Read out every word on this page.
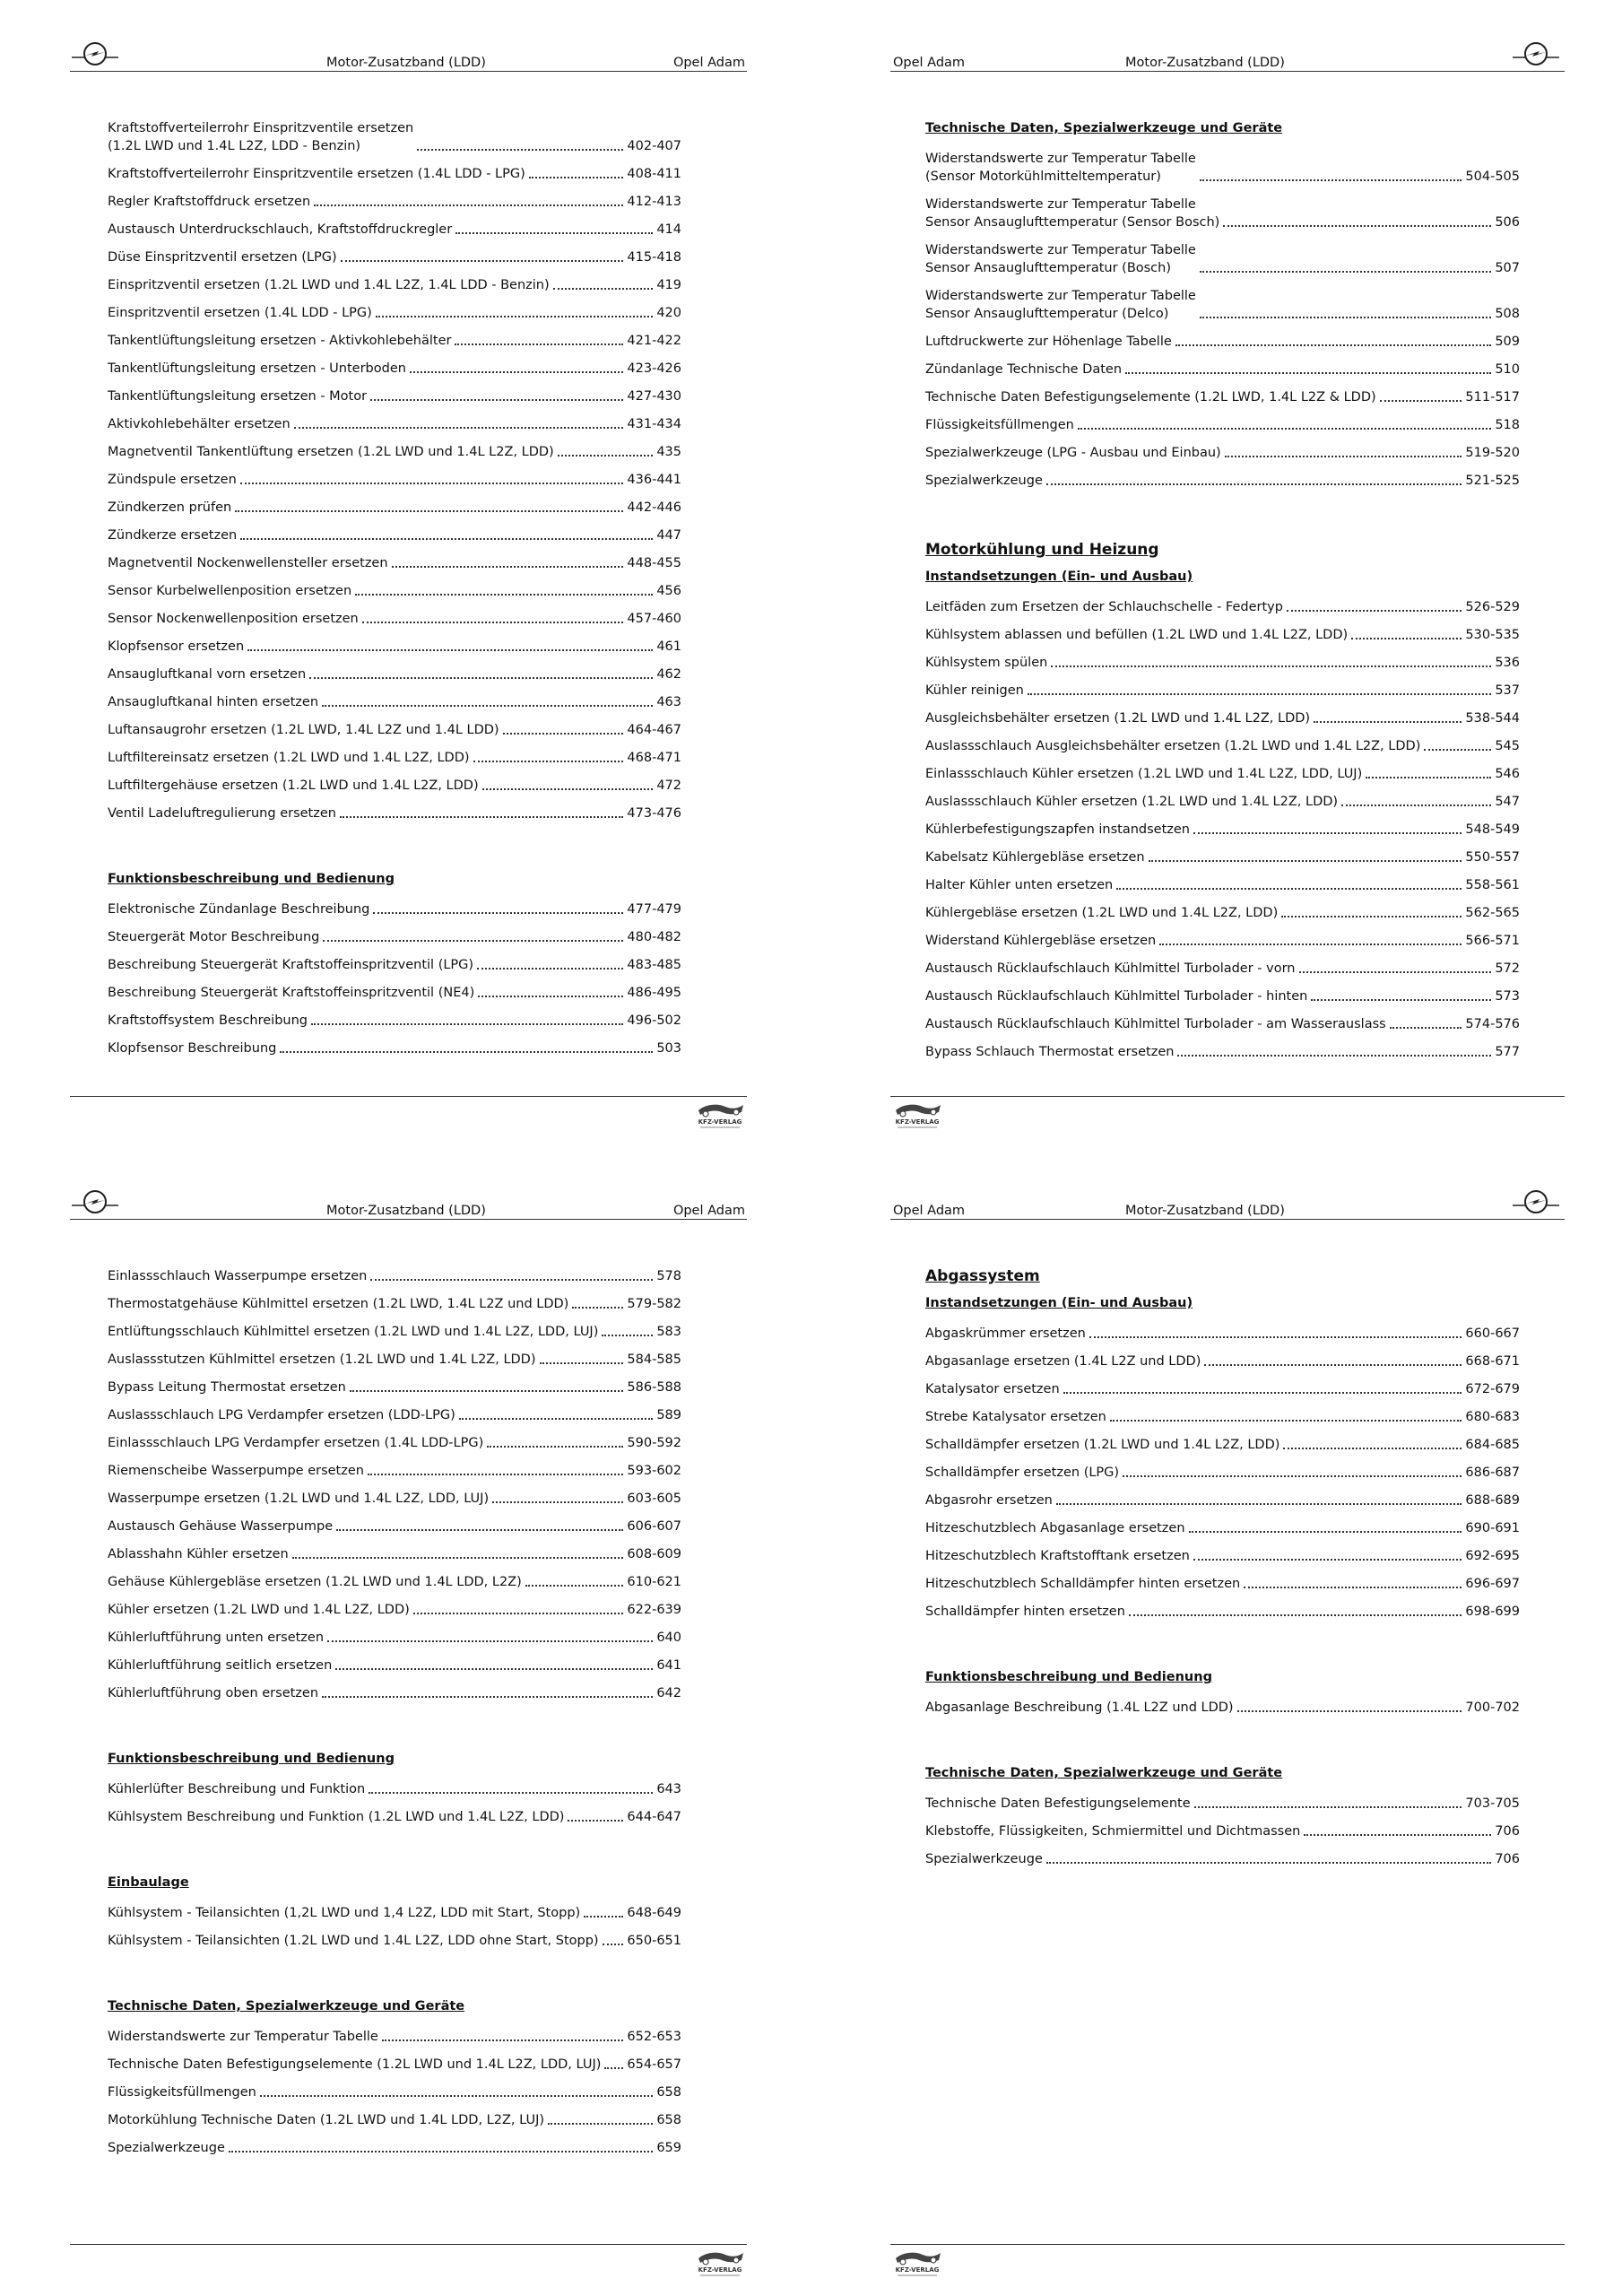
Motor-Zusatzband (LDD)	Opel Adam
Kraftstoffverteilerrohr Einspritzventile ersetzen
(1.2L LWD und 1.4L L2Z, LDD - Benzin)	402-407
Kraftstoffverteilerrohr Einspritzventile ersetzen (1.4L LDD - LPG)	408-411
Regler Kraftstoffdruck ersetzen	412-413
Austausch Unterdruckschlauch, Kraftstoffdruckregler	414
Düse Einspritzventil ersetzen (LPG)	415-418
Einspritzventil ersetzen (1.2L LWD und 1.4L L2Z, 1.4L LDD - Benzin)	419
Einspritzventil ersetzen (1.4L LDD - LPG)	420
Tankentlüftungsleitung ersetzen - Aktivkohlebehälter	421-422
Tankentlüftungsleitung ersetzen - Unterboden	423-426
Tankentlüftungsleitung ersetzen - Motor	427-430
Aktivkohlebehälter ersetzen	431-434
Magnetventil Tankentlüftung ersetzen (1.2L LWD und 1.4L L2Z, LDD)	435
Zündspule ersetzen	436-441
Zündkerzen prüfen	442-446
Zündkerze ersetzen	447
Magnetventil Nockenwellensteller ersetzen	448-455
Sensor Kurbelwellenposition ersetzen	456
Sensor Nockenwellenposition ersetzen	457-460
Klopfsensor ersetzen	461
Ansaugluftkanal vorn ersetzen	462
Ansaugluftkanal hinten ersetzen	463
Luftansaugrohr ersetzen (1.2L LWD, 1.4L L2Z und 1.4L LDD)	464-467
Luftfiltereinsatz ersetzen (1.2L LWD und 1.4L L2Z, LDD)	468-471
Luftfiltergehäuse ersetzen (1.2L LWD und 1.4L L2Z, LDD)	472
Ventil Ladeluftregulierung ersetzen	473-476
Funktionsbeschreibung und Bedienung
Elektronische Zündanlage Beschreibung	477-479
Steuergerät Motor Beschreibung	480-482
Beschreibung Steuergerät Kraftstoffeinspritzventil (LPG)	483-485
Beschreibung Steuergerät Kraftstoffeinspritzventil (NE4)	486-495
Kraftstoffsystem Beschreibung	496-502
Klopfsensor Beschreibung	503
KFZ-VERLAG
Opel Adam	Motor-Zusatzband (LDD)
Technische Daten, Spezialwerkzeuge und Geräte
Widerstandswerte zur Temperatur Tabelle
(Sensor Motorkühlmitteltemperatur)	504-505
Widerstandswerte zur Temperatur Tabelle
Sensor Ansauglufttemperatur (Sensor Bosch)	506
Widerstandswerte zur Temperatur Tabelle
Sensor Ansauglufttemperatur (Bosch)	507
Widerstandswerte zur Temperatur Tabelle
Sensor Ansauglufttemperatur (Delco)	508
Luftdruckwerte zur Höhenlage Tabelle	509
Zündanlage Technische Daten	510
Technische Daten Befestigungselemente (1.2L LWD, 1.4L L2Z & LDD)	511-517
Flüssigkeitsfüllmengen	518
Spezialwerkzeuge (LPG - Ausbau und Einbau)	519-520
Spezialwerkzeuge	521-525
Motorkühlung und Heizung
Instandsetzungen (Ein- und Ausbau)
Leitfäden zum Ersetzen der Schlauchschelle - Federtyp	526-529
Kühlsystem ablassen und befüllen (1.2L LWD und 1.4L L2Z, LDD)	530-535
Kühlsystem spülen	536
Kühler reinigen	537
Ausgleichsbehälter ersetzen (1.2L LWD und 1.4L L2Z, LDD)	538-544
Auslassschlauch Ausgleichsbehälter ersetzen (1.2L LWD und 1.4L L2Z, LDD)	545
Einlassschlauch Kühler ersetzen (1.2L LWD und 1.4L L2Z, LDD, LUJ)	546
Auslassschlauch Kühler ersetzen (1.2L LWD und 1.4L L2Z, LDD)	547
Kühlerbefestigungszapfen instandsetzen	548-549
Kabelsatz Kühlergebläse ersetzen	550-557
Halter Kühler unten ersetzen	558-561
Kühlergebläse ersetzen (1.2L LWD und 1.4L L2Z, LDD)	562-565
Widerstand Kühlergebläse ersetzen	566-571
Austausch Rücklaufschlauch Kühlmittel Turbolader - vorn	572
Austausch Rücklaufschlauch Kühlmittel Turbolader - hinten	573
Austausch Rücklaufschlauch Kühlmittel Turbolader - am Wasserauslass	574-576
Bypass Schlauch Thermostat ersetzen	577
KFZ-VERLAG
Motor-Zusatzband (LDD)	Opel Adam
Einlassschlauch Wasserpumpe ersetzen	578
Thermostatgehäuse Kühlmittel ersetzen (1.2L LWD, 1.4L L2Z und LDD)	579-582
Entlüftungsschlauch Kühlmittel ersetzen (1.2L LWD und 1.4L L2Z, LDD, LUJ)	583
Auslassstutzen Kühlmittel ersetzen (1.2L LWD und 1.4L L2Z, LDD)	584-585
Bypass Leitung Thermostat ersetzen	586-588
Auslassschlauch LPG Verdampfer ersetzen (LDD-LPG)	589
Einlassschlauch LPG Verdampfer ersetzen (1.4L LDD-LPG)	590-592
Riemenscheibe Wasserpumpe ersetzen	593-602
Wasserpumpe ersetzen (1.2L LWD und 1.4L L2Z, LDD, LUJ)	603-605
Austausch Gehäuse Wasserpumpe	606-607
Ablasshahn Kühler ersetzen	608-609
Gehäuse Kühlergebläse ersetzen (1.2L LWD und 1.4L LDD, L2Z)	610-621
Kühler ersetzen (1.2L LWD und 1.4L L2Z, LDD)	622-639
Kühlerluftführung unten ersetzen	640
Kühlerluftführung seitlich ersetzen	641
Kühlerluftführung oben ersetzen	642
Funktionsbeschreibung und Bedienung
Kühlerlüfter Beschreibung und Funktion	643
Kühlsystem Beschreibung und Funktion (1.2L LWD und 1.4L L2Z, LDD)	644-647
Einbaulage
Kühlsystem - Teilansichten (1,2L LWD und 1,4 L2Z, LDD mit Start, Stopp)	648-649
Kühlsystem - Teilansichten (1.2L LWD und 1.4L L2Z, LDD ohne Start, Stopp) 650-651
Technische Daten, Spezialwerkzeuge und Geräte
Widerstandswerte zur Temperatur Tabelle	652-653
Technische Daten Befestigungselemente (1.2L LWD und 1.4L L2Z, LDD, LUJ) 654-657
Flüssigkeitsfüllmengen	658
Motorkühlung Technische Daten (1.2L LWD und 1.4L LDD, L2Z, LUJ)	658
Spezialwerkzeuge	659
KFZ-VERLAG
Opel Adam	Motor-Zusatzband (LDD)
Abgassystem
Instandsetzungen (Ein- und Ausbau)
Abgaskrümmer ersetzen	660-667
Abgasanlage ersetzen (1.4L L2Z und LDD)	668-671
Katalysator ersetzen	672-679
Strebe Katalysator ersetzen	680-683
Schalldämpfer ersetzen (1.2L LWD und 1.4L L2Z, LDD)	684-685
Schalldämpfer ersetzen (LPG)	686-687
Abgasrohr ersetzen	688-689
Hitzeschutzblech Abgasanlage ersetzen	690-691
Hitzeschutzblech Kraftstofftank ersetzen	692-695
Hitzeschutzblech Schalldämpfer hinten ersetzen	696-697
Schalldämpfer hinten ersetzen	698-699
Funktionsbeschreibung und Bedienung
Abgasanlage Beschreibung (1.4L L2Z und LDD)	700-702
Technische Daten, Spezialwerkzeuge und Geräte
Technische Daten Befestigungselemente	703-705
Klebstoffe, Flüssigkeiten, Schmiermittel und Dichtmassen	706
Spezialwerkzeuge	706
KFZ-VERLAG
